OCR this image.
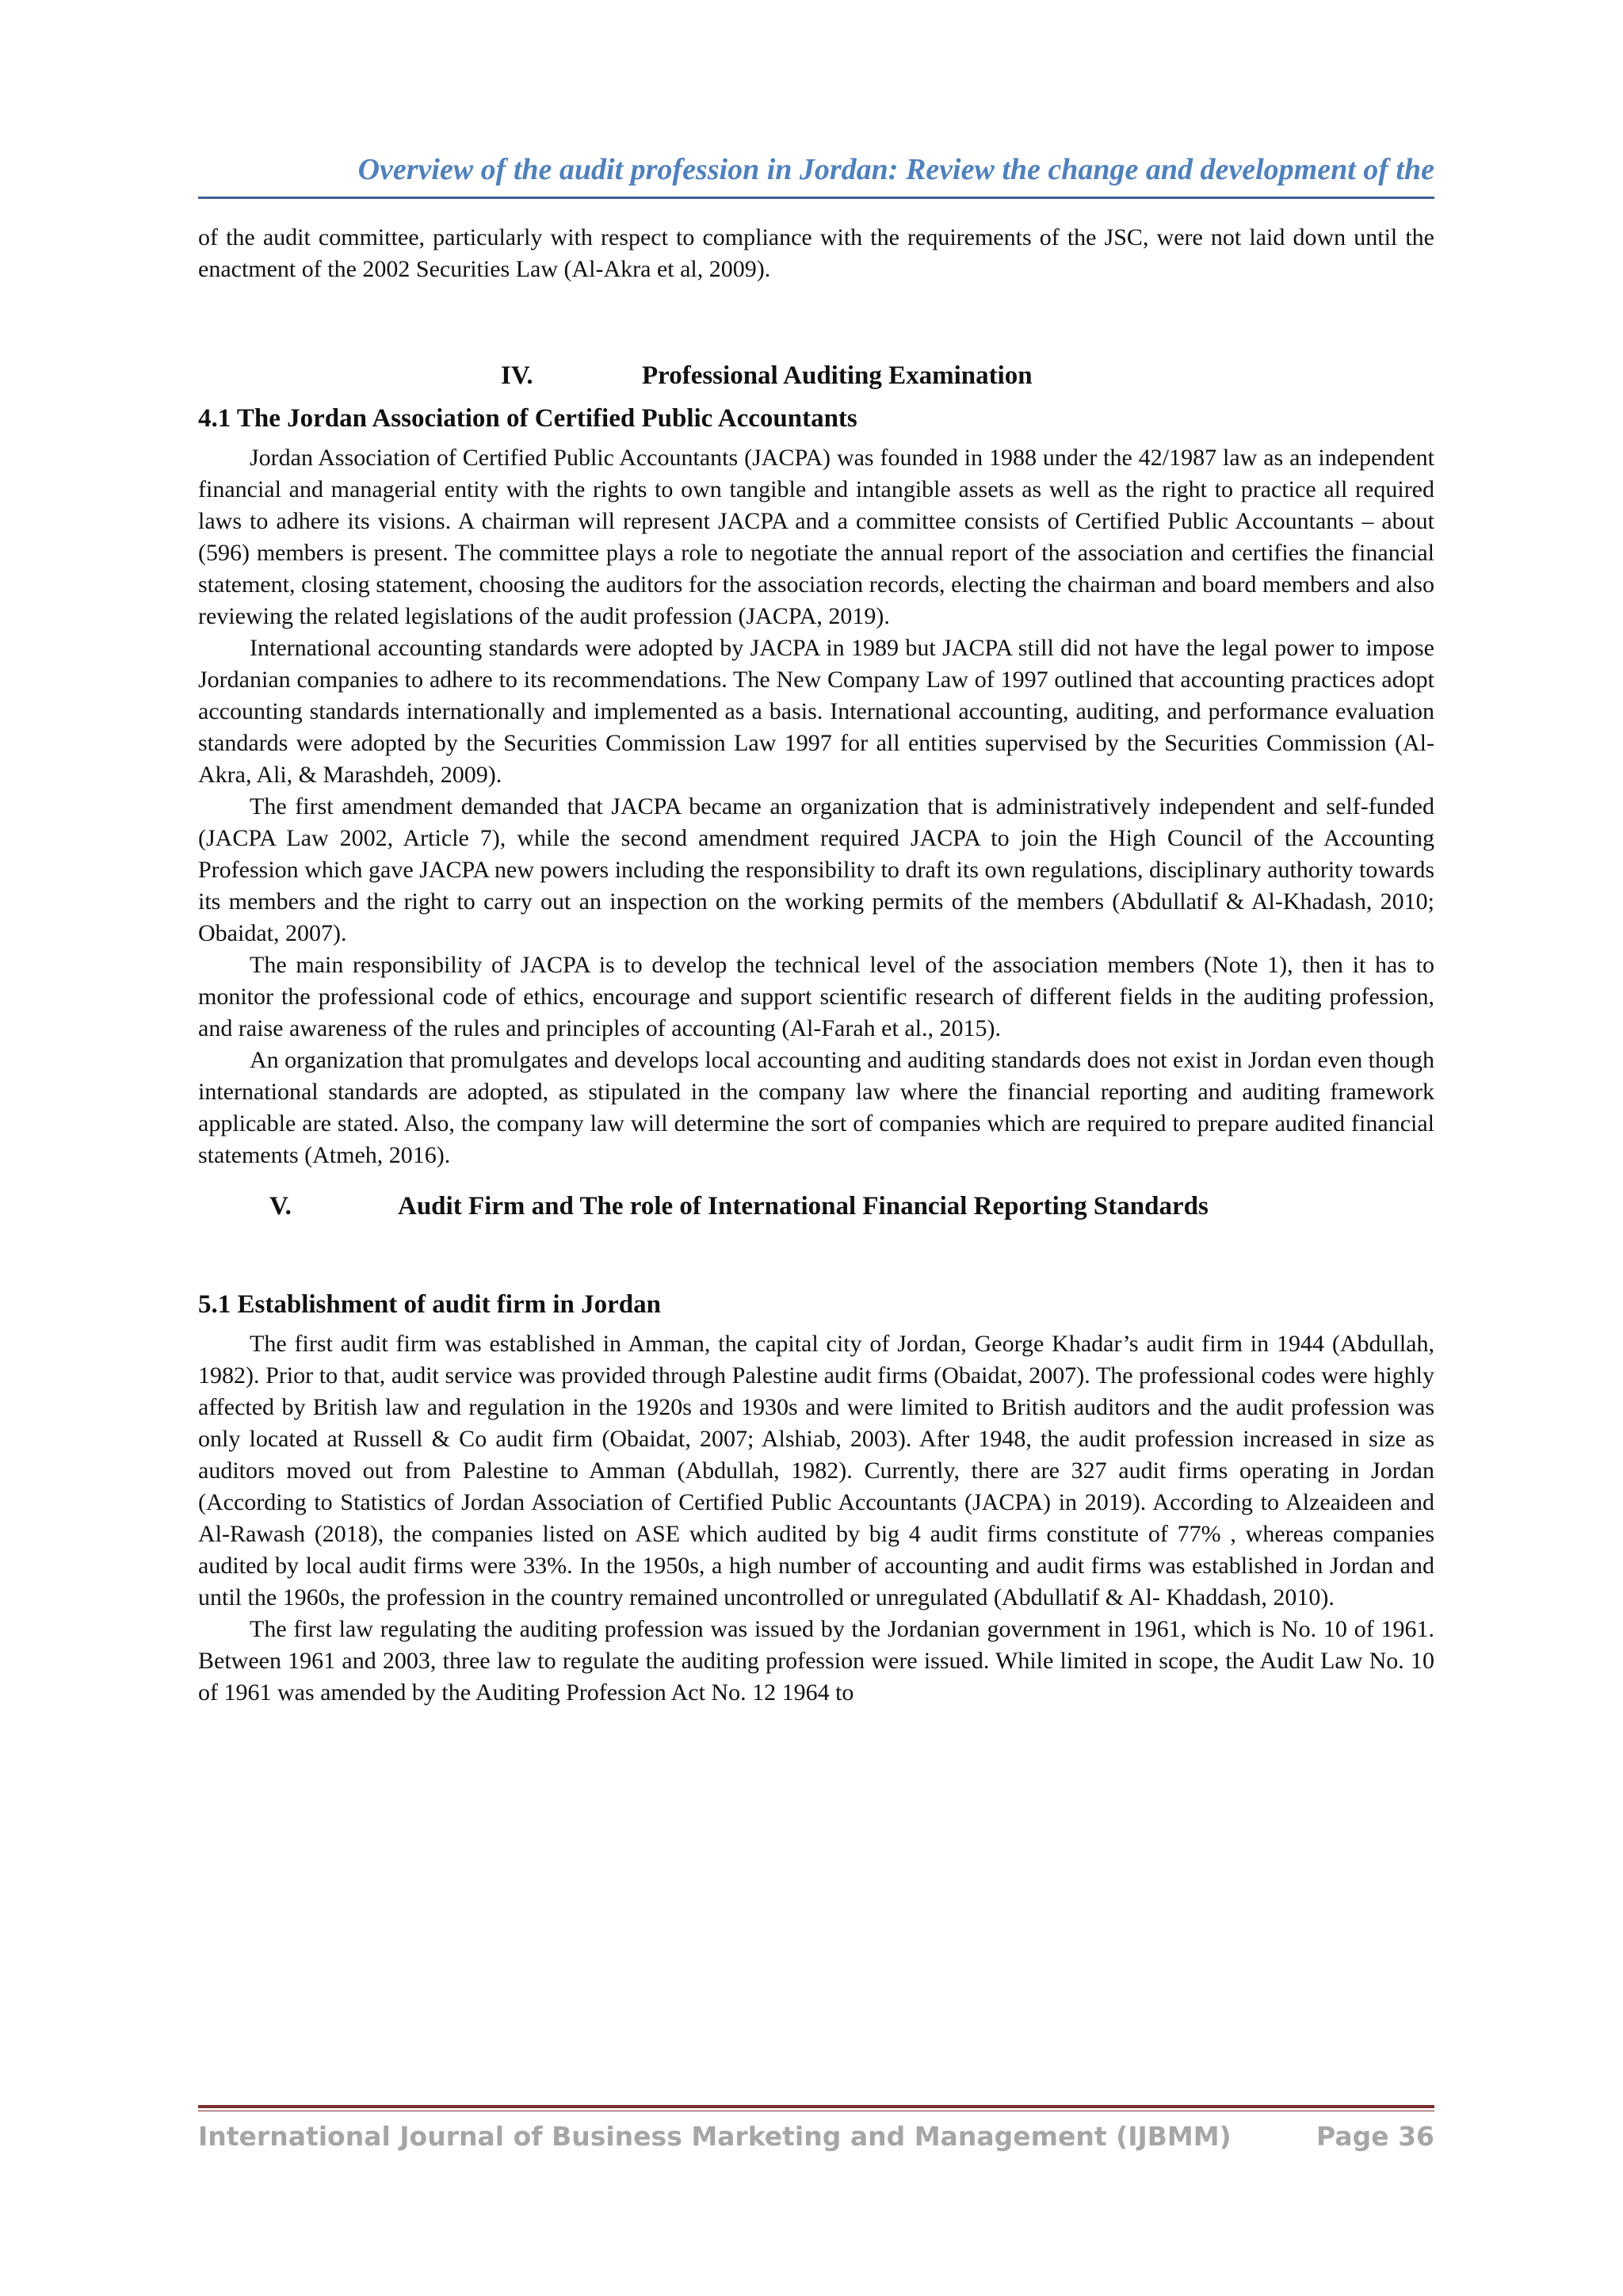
Overview of the audit profession in Jordan: Review the change and development of the

of the audit committee, particularly with respect to compliance with the requirements of the JSC, were not laid down until the enactment of the 2002 Securities Law (Al-Akra et al, 2009).

IV.	Professional Auditing Examination
4.1 The Jordan Association of Certified Public Accountants

Jordan Association of Certified Public Accountants (JACPA) was founded in 1988 under the 42/1987 law as an independent financial and managerial entity with the rights to own tangible and intangible assets as well as the right to practice all required laws to adhere its visions. A chairman will represent JACPA and a committee consists of Certified Public Accountants – about (596) members is present. The committee plays a role to negotiate the annual report of the association and certifies the financial statement, closing statement, choosing the auditors for the association records, electing the chairman and board members and also reviewing the related legislations of the audit profession (JACPA, 2019).

International accounting standards were adopted by JACPA in 1989 but JACPA still did not have the legal power to impose Jordanian companies to adhere to its recommendations. The New Company Law of 1997 outlined that accounting practices adopt accounting standards internationally and implemented as a basis. International accounting, auditing, and performance evaluation standards were adopted by the Securities Commission Law 1997 for all entities supervised by the Securities Commission (Al-Akra, Ali, & Marashdeh, 2009).

The first amendment demanded that JACPA became an organization that is administratively independent and self-funded (JACPA Law 2002, Article 7), while the second amendment required JACPA to join the High Council of the Accounting Profession which gave JACPA new powers including the responsibility to draft its own regulations, disciplinary authority towards its members and the right to carry out an inspection on the working permits of the members (Abdullatif & Al-Khadash, 2010; Obaidat, 2007).

The main responsibility of JACPA is to develop the technical level of the association members (Note 1), then it has to monitor the professional code of ethics, encourage and support scientific research of different fields in the auditing profession, and raise awareness of the rules and principles of accounting (Al-Farah et al., 2015).

An organization that promulgates and develops local accounting and auditing standards does not exist in Jordan even though international standards are adopted, as stipulated in the company law where the financial reporting and auditing framework applicable are stated. Also, the company law will determine the sort of companies which are required to prepare audited financial statements (Atmeh, 2016).

V.	Audit Firm and The role of International Financial Reporting Standards
5.1 Establishment of audit firm in Jordan

The first audit firm was established in Amman, the capital city of Jordan, George Khadar’s audit firm in 1944 (Abdullah, 1982). Prior to that, audit service was provided through Palestine audit firms (Obaidat, 2007). The professional codes were highly affected by British law and regulation in the 1920s and 1930s and were limited to British auditors and the audit profession was only located at Russell & Co audit firm (Obaidat, 2007; Alshiab, 2003). After 1948, the audit profession increased in size as auditors moved out from Palestine to Amman (Abdullah, 1982). Currently, there are 327 audit firms operating in Jordan (According to Statistics of Jordan Association of Certified Public Accountants (JACPA) in 2019). According to Alzeaideen and Al-Rawash (2018), the companies listed on ASE which audited by big 4 audit firms constitute of 77% , whereas companies audited by local audit firms were 33%. In the 1950s, a high number of accounting and audit firms was established in Jordan and until the 1960s, the profession in the country remained uncontrolled or unregulated (Abdullatif & Al- Khaddash, 2010).

The first law regulating the auditing profession was issued by the Jordanian government in 1961, which is No. 10 of 1961. Between 1961 and 2003, three law to regulate the auditing profession were issued. While limited in scope, the Audit Law No. 10 of 1961 was amended by the Auditing Profession Act No. 12 1964 to

International Journal of Business Marketing and Management (IJBMM)	Page 36
